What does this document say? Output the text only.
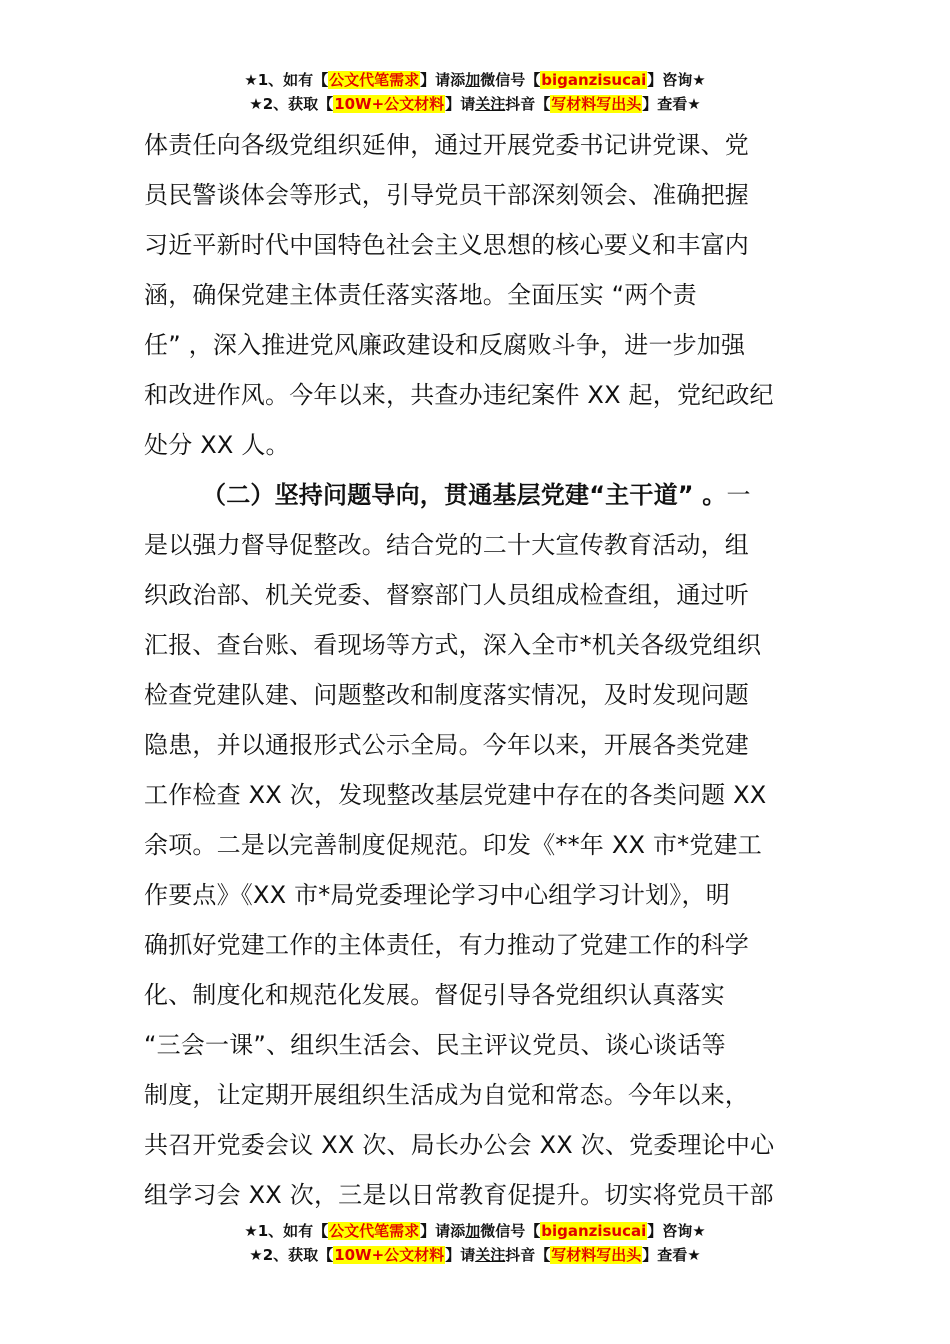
★1、如有【公文代笔需求】请添加微信号【biganzisucai】咨询★
★2、获取【10W+公文材料】请关注抖音【写材料写出头】查看★
体责任向各级党组织延伸，通过开展党委书记讲党课、党
员民警谈体会等形式，引导党员干部深刻领会、准确把握
习近平新时代中国特色社会主义思想的核心要义和丰富内
涵，确保党建主体责任落实落地。全面压实 “两个责
任” ，深入推进党风廉政建设和反腐败斗争，进一步加强
和改进作风。今年以来，共查办违纪案件 XX 起，党纪政纪
处分 XX 人。
（二）坚持问题导向，贯通基层党建“主干道” 。一
是以强力督导促整改。结合党的二十大宣传教育活动，组
织政治部、机关党委、督察部门人员组成检查组，通过听
汇报、查台账、看现场等方式，深入全市*机关各级党组织
检查党建队建、问题整改和制度落实情况，及时发现问题
隐患，并以通报形式公示全局。今年以来，开展各类党建
工作检查 XX 次，发现整改基层党建中存在的各类问题 XX
余项。二是以完善制度促规范。印发《**年 XX 市*党建工
作要点》《XX 市*局党委理论学习中心组学习计划》，明
确抓好党建工作的主体责任，有力推动了党建工作的科学
化、制度化和规范化发展。督促引导各党组织认真落实
“三会一课”、组织生活会、民主评议党员、谈心谈话等
制度，让定期开展组织生活成为自觉和常态。今年以来，
共召开党委会议 XX 次、局长办公会 XX 次、党委理论中心
组学习会 XX 次，三是以日常教育促提升。切实将党员干部
★1、如有【公文代笔需求】请添加微信号【biganzisucai】咨询★
★2、获取【10W+公文材料】请关注抖音【写材料写出头】查看★
